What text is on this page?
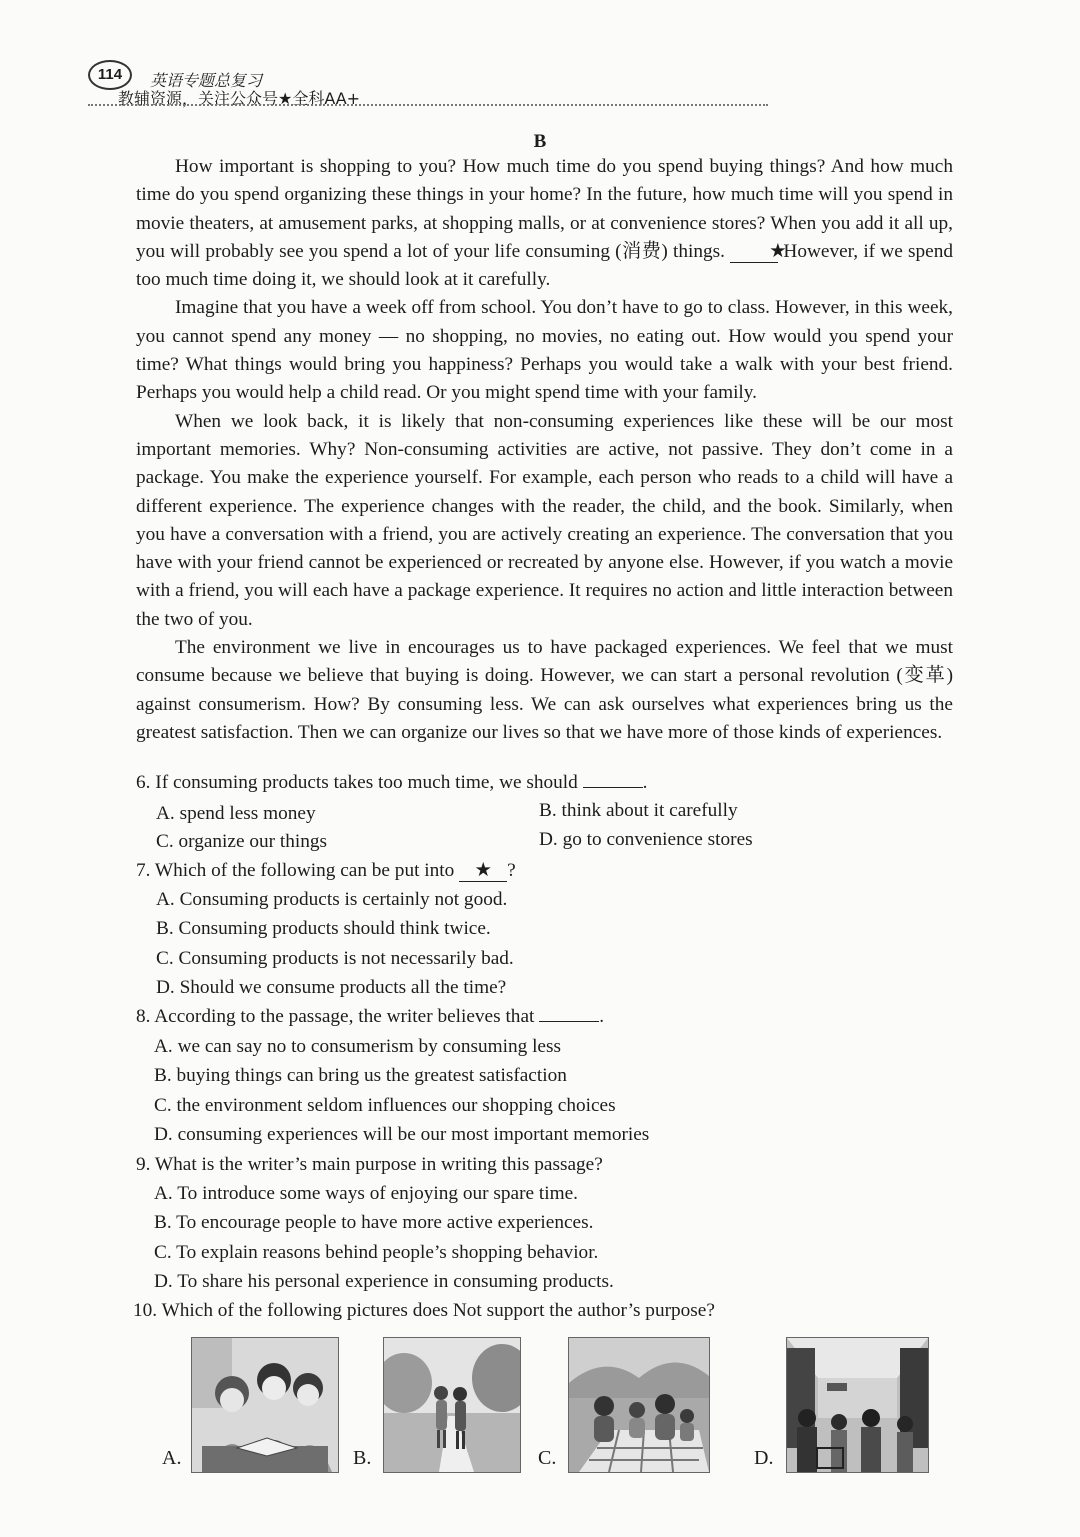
114	英语专题总复习
教辅资源，关注公众号★全科AA+
B

How important is shopping to you? How much time do you spend buying things? And how much time do you spend organizing these things in your home? In the future, how much time will you spend in movie theaters, at amusement parks, at shopping malls, or at convenience stores? When you add it all up, you will probably see you spend a lot of your life consuming (消费) things. ★ However, if we spend too much time doing it, we should look at it carefully.

Imagine that you have a week off from school. You don’t have to go to class. However, in this week, you cannot spend any money — no shopping, no movies, no eating out. How would you spend your time? What things would bring you happiness? Perhaps you would take a walk with your best friend. Perhaps you would help a child read. Or you might spend time with your family.

When we look back, it is likely that non-consuming experiences like these will be our most important memories. Why? Non-consuming activities are active, not passive. They don’t come in a package. You make the experience yourself. For example, each person who reads to a child will have a different experience. The experience changes with the reader, the child, and the book. Similarly, when you have a conversation with a friend, you are actively creating an experience. The conversation that you have with your friend cannot be experienced or recreated by anyone else. However, if you watch a movie with a friend, you will each have a package experience. It requires no action and little interaction between the two of you.

The environment we live in encourages us to have packaged experiences. We feel that we must consume because we believe that buying is doing. However, we can start a personal revolution (变革) against consumerism. How? By consuming less. We can ask ourselves what experiences bring us the greatest satisfaction. Then we can organize our lives so that we have more of those kinds of experiences.

6. If consuming products takes too much time, we should	.
A. spend less money	B. think about it carefully
C. organize our things	D. go to convenience stores
7. Which of the following can be put into ★ ?
A. Consuming products is certainly not good.
B. Consuming products should think twice.
C. Consuming products is not necessarily bad.
D. Should we consume products all the time?
8. According to the passage, the writer believes that	.
A. we can say no to consumerism by consuming less
B. buying things can bring us the greatest satisfaction
C. the environment seldom influences our shopping choices
D. consuming experiences will be our most important memories
9. What is the writer’s main purpose in writing this passage?
A. To introduce some ways of enjoying our spare time.
B. To encourage people to have more active experiences.
C. To explain reasons behind people’s shopping behavior.
D. To share his personal experience in consuming products.
10. Which of the following pictures does Not support the author’s purpose?
A.	B.	C.	D.
